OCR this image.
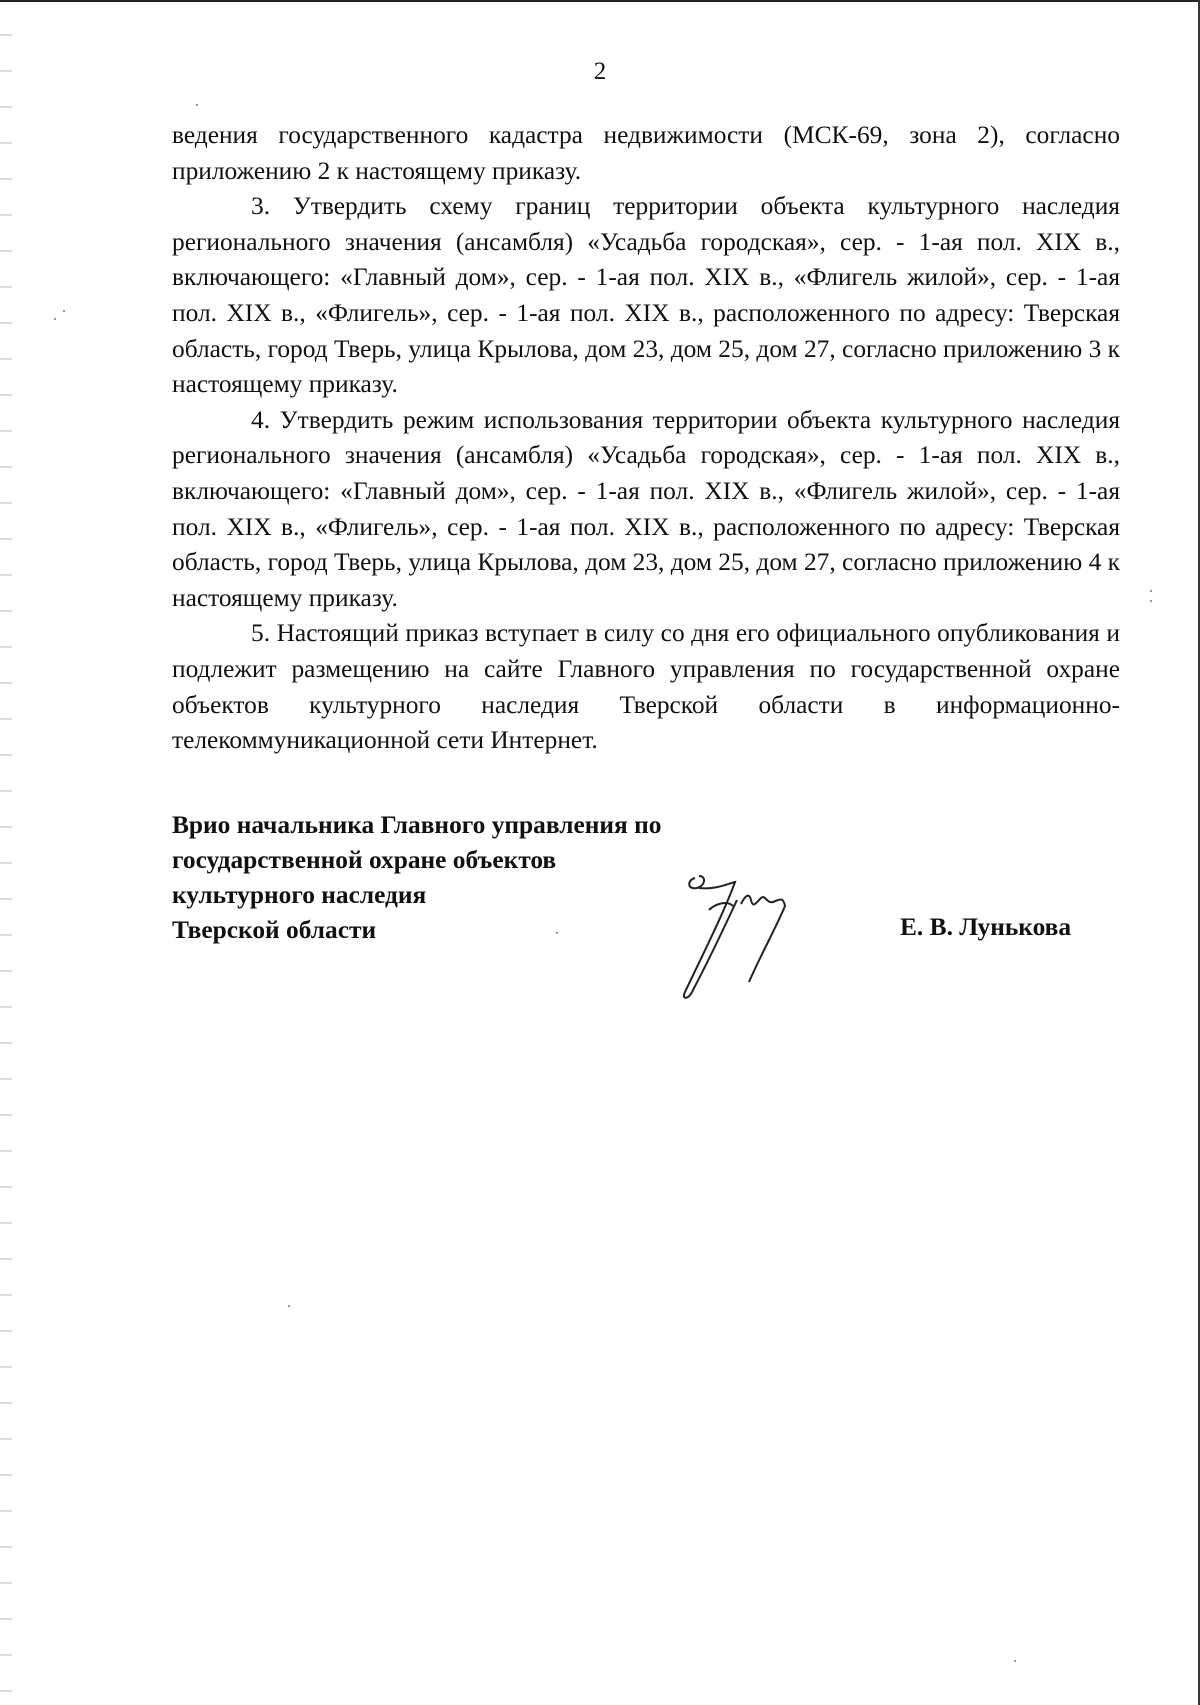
2

ведения государственного кадастра недвижимости (МСК-69, зона 2), согласно приложению 2 к настоящему приказу.

3. Утвердить схему границ территории объекта культурного наследия регионального значения (ансамбля) «Усадьба городская», сер. - 1-ая пол. XIX в., включающего: «Главный дом», сер. - 1-ая пол. XIX в., «Флигель жилой», сер. - 1-ая пол. XIX в., «Флигель», сер. - 1-ая пол. XIX в., расположенного по адресу: Тверская область, город Тверь, улица Крылова, дом 23, дом 25, дом 27, согласно приложению 3 к настоящему приказу.

4. Утвердить режим использования территории объекта культурного наследия регионального значения (ансамбля) «Усадьба городская», сер. - 1-ая пол. XIX в., включающего: «Главный дом», сер. - 1-ая пол. XIX в., «Флигель жилой», сер. - 1-ая пол. XIX в., «Флигель», сер. - 1-ая пол. XIX в., расположенного по адресу: Тверская область, город Тверь, улица Крылова, дом 23, дом 25, дом 27, согласно приложению 4 к настоящему приказу.

5. Настоящий приказ вступает в силу со дня его официального опубликования и подлежит размещению на сайте Главного управления по государственной охране объектов культурного наследия Тверской области в информационно-телекоммуникационной сети Интернет.

Врио начальника Главного управления по
государственной охране объектов
культурного наследия
Тверской области	Е. В. Лунькова
